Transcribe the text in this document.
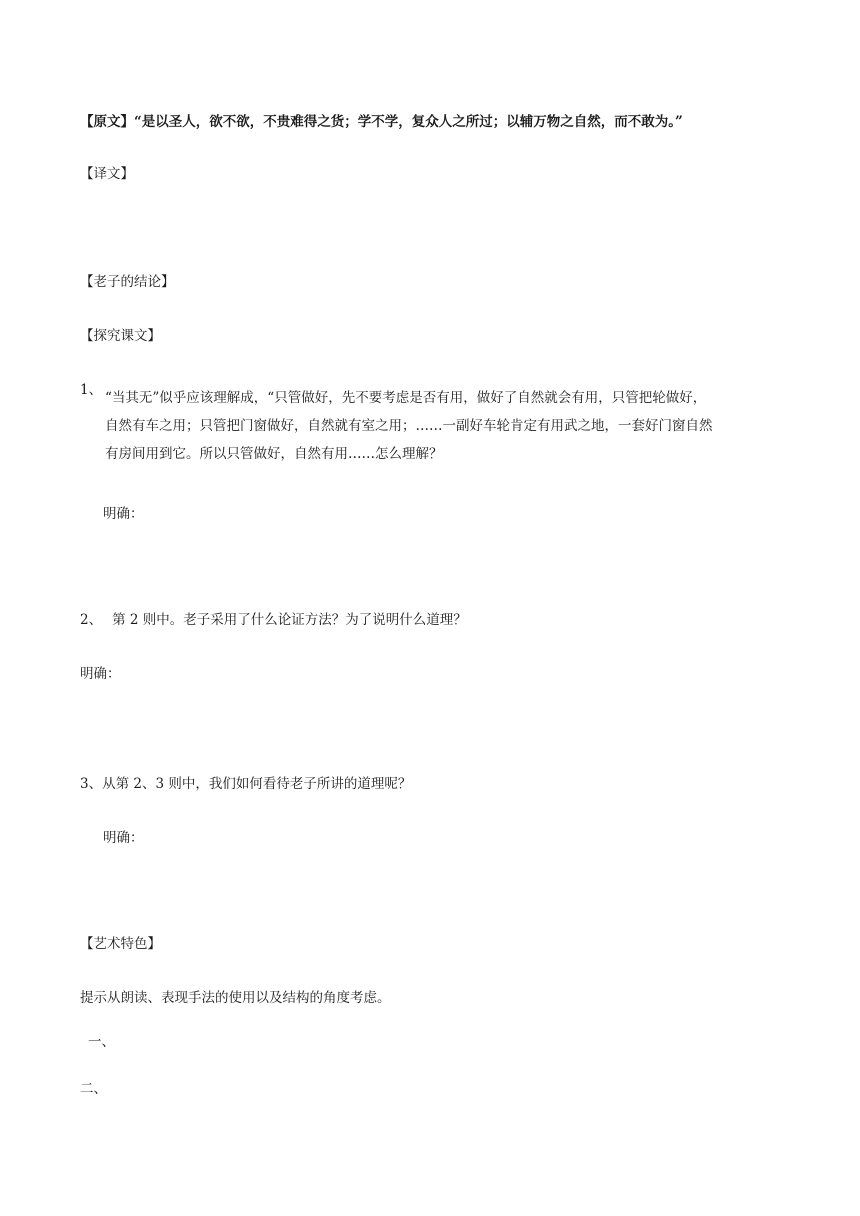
【原文】“是以圣人，欲不欲，不贵难得之货；学不学，复众人之所过；以辅万物之自然，而不敢为。”
【译文】
【老子的结论】
【探究课文】
1、 “当其无”似乎应该理解成，“只管做好，先不要考虑是否有用，做好了自然就会有用，只管把轮做好，
自然有车之用；只管把门窗做好，自然就有室之用；……一副好车轮肯定有用武之地，一套好门窗自然
有房间用到它。所以只管做好，自然有用……怎么理解？
明确：
2、 第 2 则中。老子采用了什么论证方法？为了说明什么道理？
明确：
3、从第 2、3 则中，我们如何看待老子所讲的道理呢？
明确：
【艺术特色】
提示从朗读、表现手法的使用以及结构的角度考虑。
一、
二、
